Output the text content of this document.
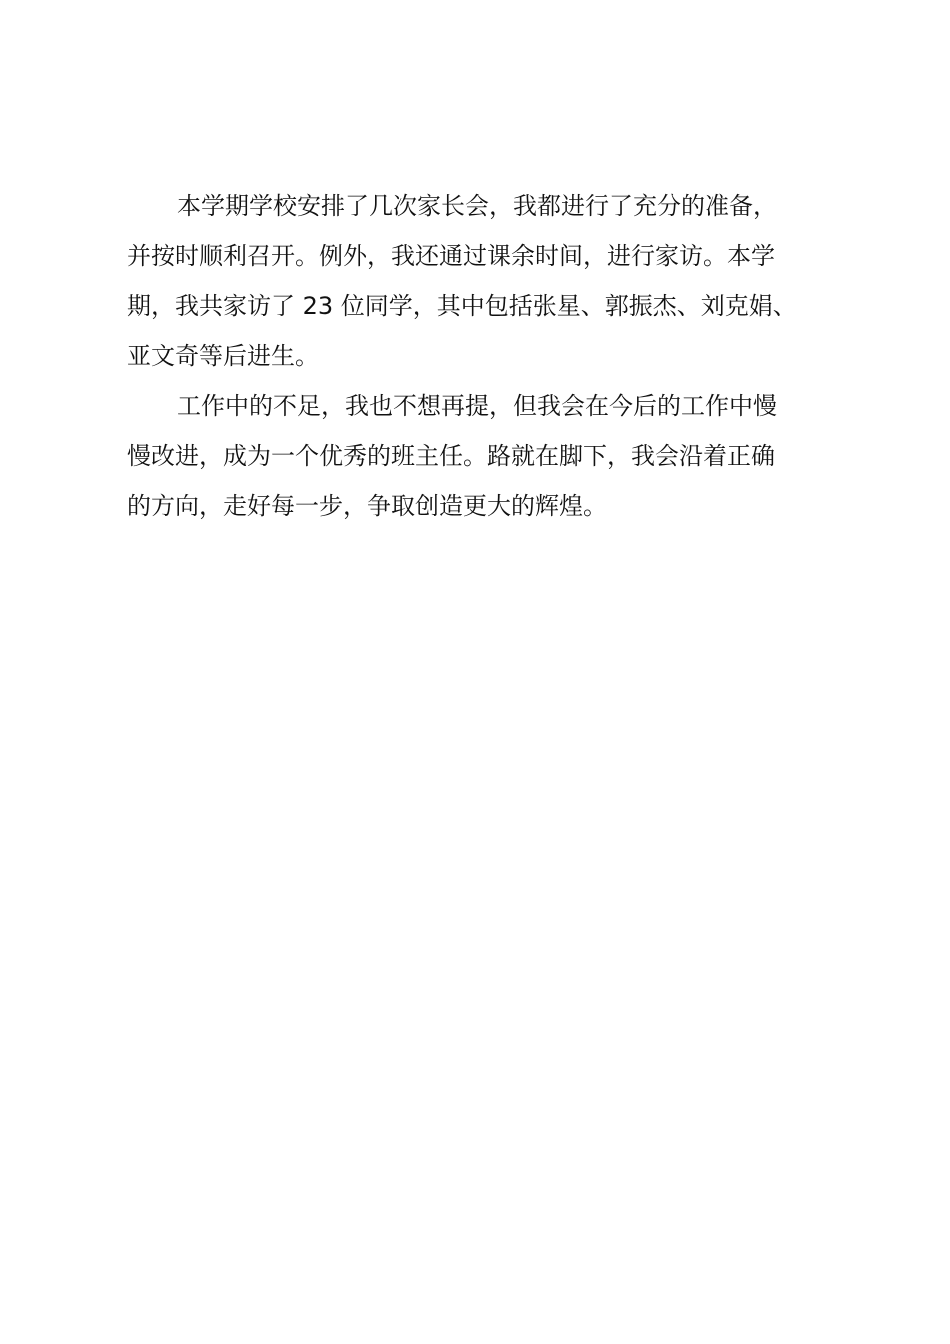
本学期学校安排了几次家长会，我都进行了充分的准备，
并按时顺利召开。例外，我还通过课余时间，进行家访。本学
期，我共家访了 23 位同学，其中包括张星、郭振杰、刘克娟、
亚文奇等后进生。
工作中的不足，我也不想再提，但我会在今后的工作中慢
慢改进，成为一个优秀的班主任。路就在脚下，我会沿着正确
的方向，走好每一步，争取创造更大的辉煌。
